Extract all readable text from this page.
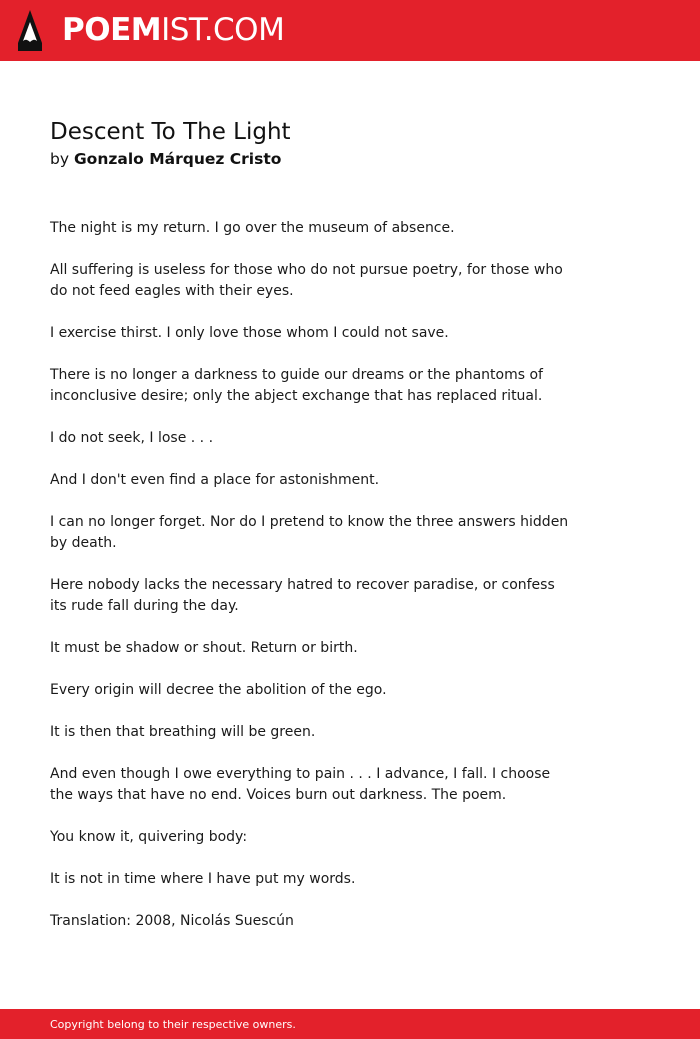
POEMIST.COM
Descent To The Light
by Gonzalo Márquez Cristo

The night is my return. I go over the museum of absence.

All suffering is useless for those who do not pursue poetry, for those who do not feed eagles with their eyes.

I exercise thirst. I only love those whom I could not save.

There is no longer a darkness to guide our dreams or the phantoms of inconclusive desire; only the abject exchange that has replaced ritual.

I do not seek, I lose . . .

And I don't even find a place for astonishment.

I can no longer forget. Nor do I pretend to know the three answers hidden by death.

Here nobody lacks the necessary hatred to recover paradise, or confess its rude fall during the day.

It must be shadow or shout. Return or birth.

Every origin will decree the abolition of the ego.

It is then that breathing will be green.

And even though I owe everything to pain . . . I advance, I fall. I choose the ways that have no end. Voices burn out darkness. The poem.

You know it, quivering body:

It is not in time where I have put my words.

Translation: 2008, Nicolás Suescún

Copyright belong to their respective owners.
